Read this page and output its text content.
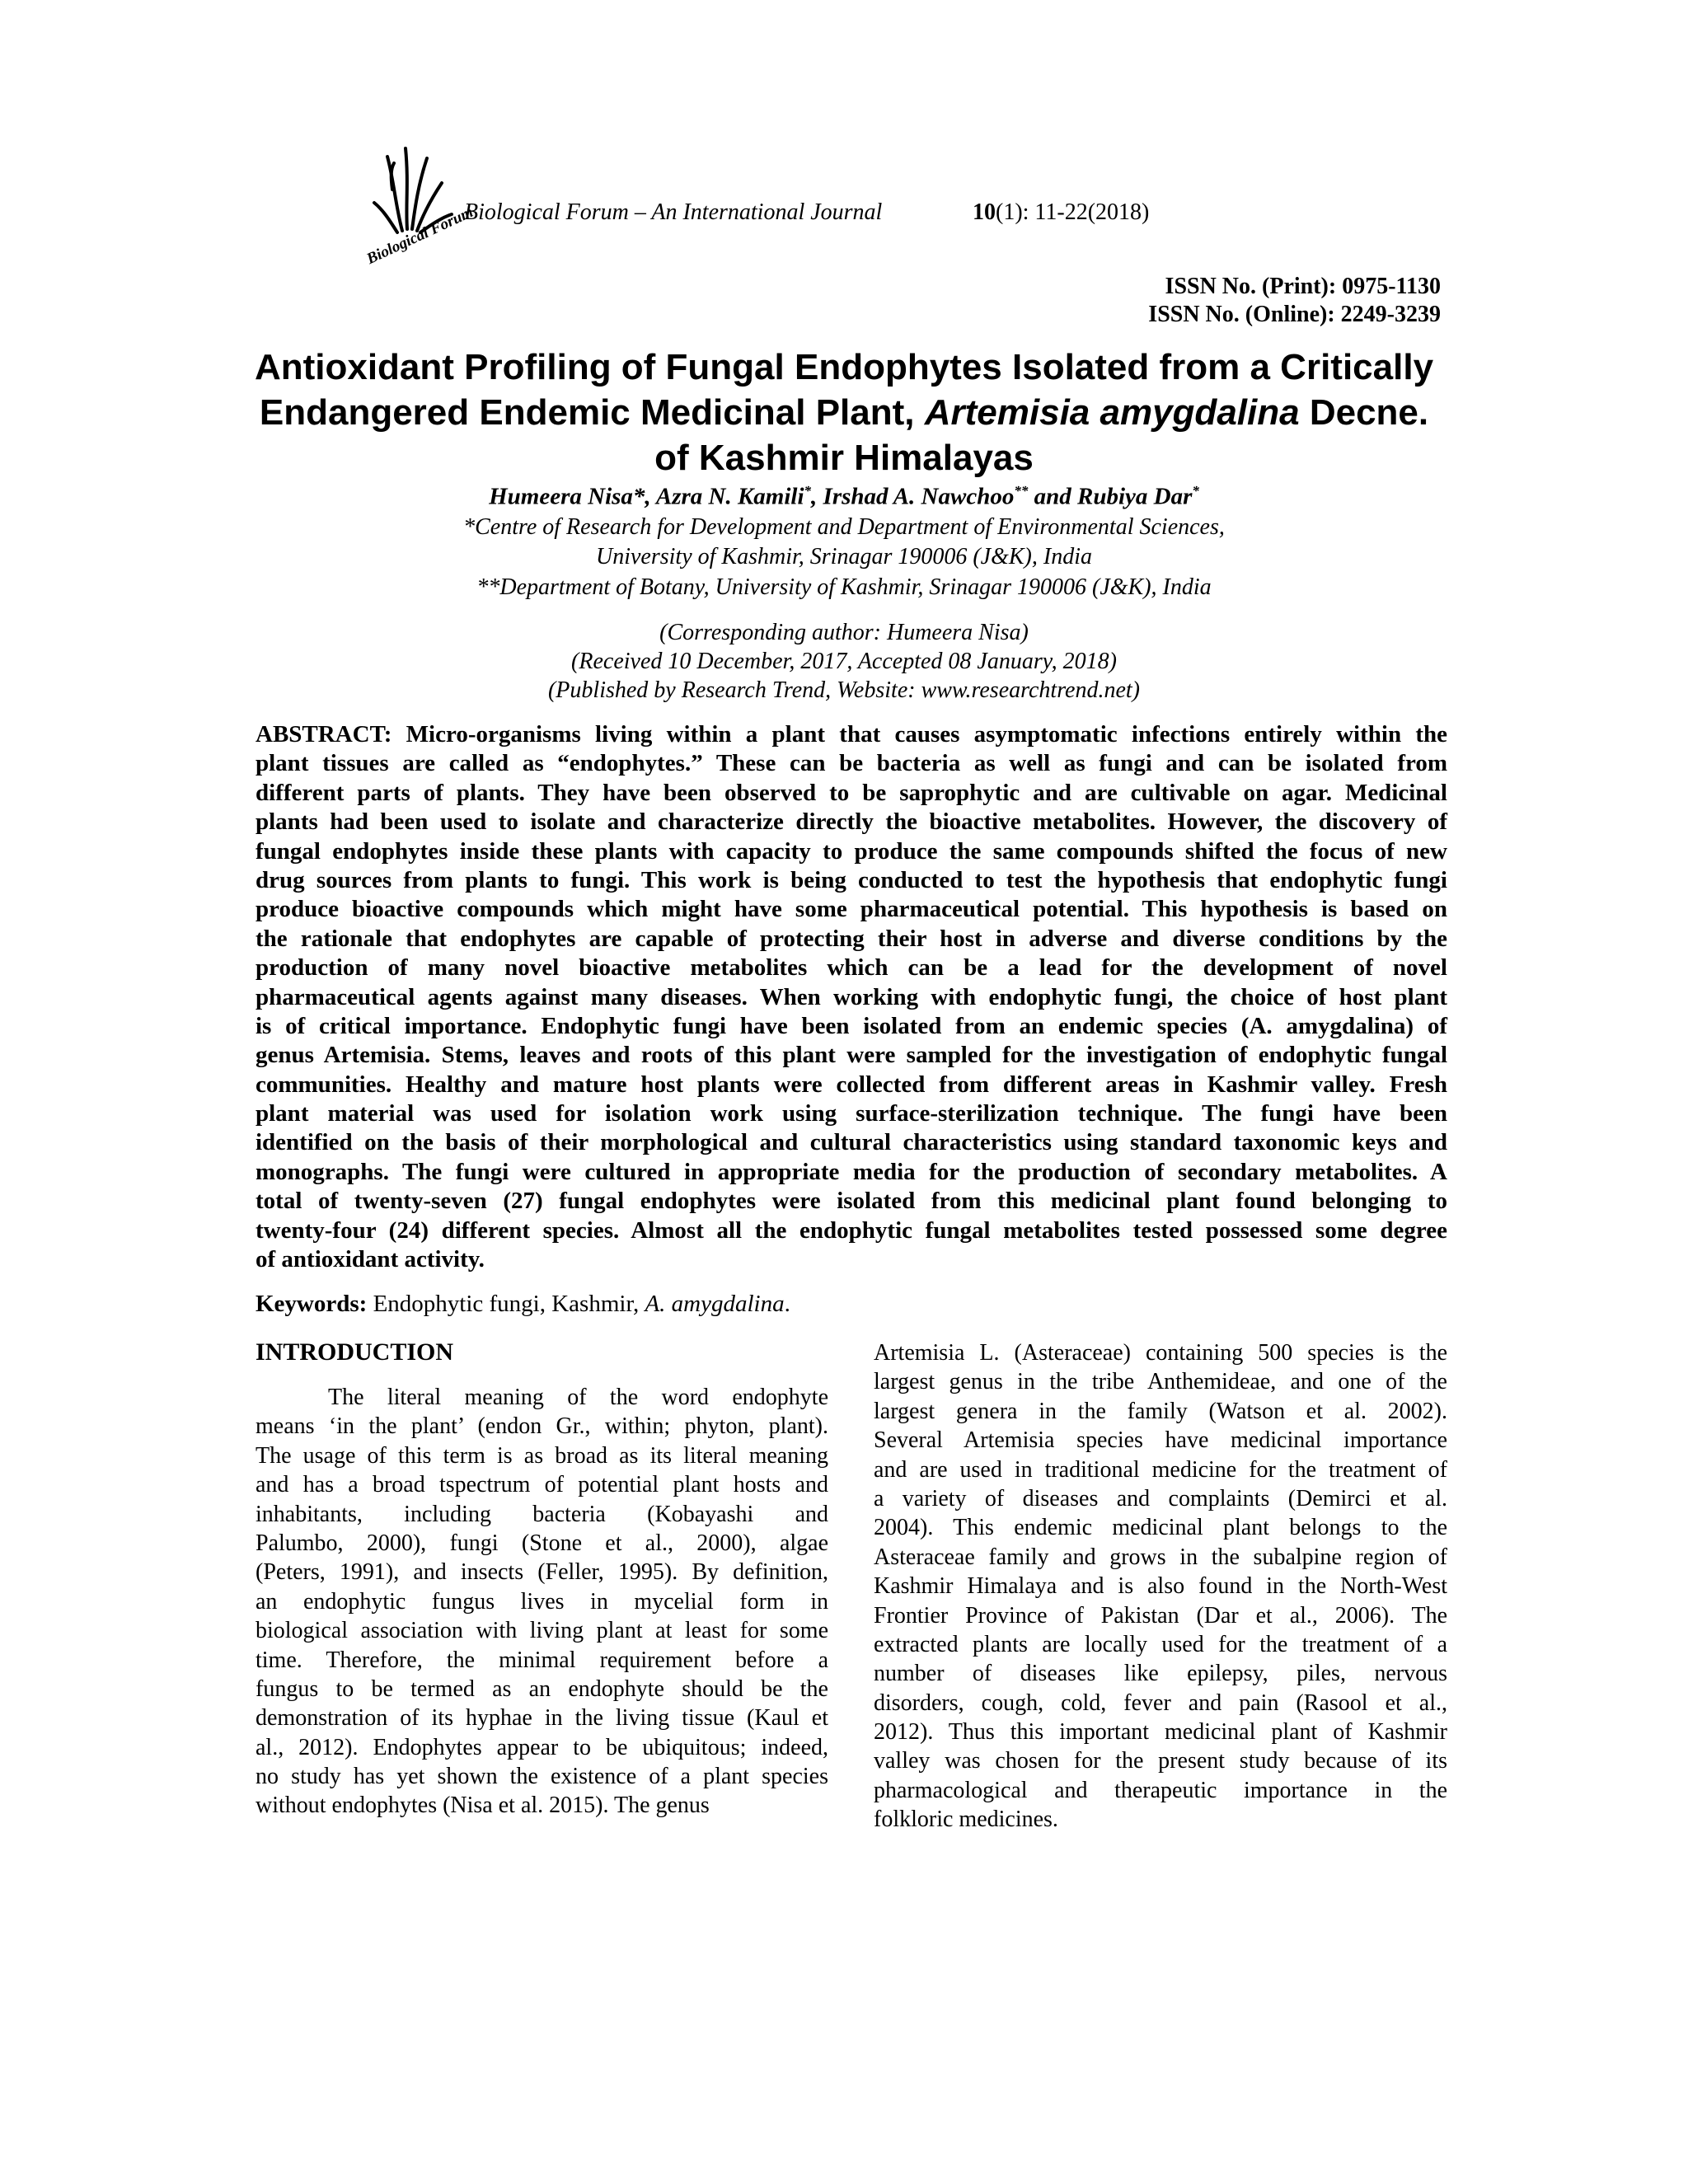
Biological Forum
Biological Forum – An International Journal	10(1): 11-22(2018)
ISSN No. (Print): 0975-1130
ISSN No. (Online): 2249-3239
Antioxidant Profiling of Fungal Endophytes Isolated from a Critically
Endangered Endemic Medicinal Plant, Artemisia amygdalina Decne.
of Kashmir Himalayas
Humeera Nisa*, Azra N. Kamili*, Irshad A. Nawchoo** and Rubiya Dar*
*Centre of Research for Development and Department of Environmental Sciences,
University of Kashmir, Srinagar 190006 (J&K), India
**Department of Botany, University of Kashmir, Srinagar 190006 (J&K), India
(Corresponding author: Humeera Nisa)
(Received 10 December, 2017, Accepted 08 January, 2018)
(Published by Research Trend, Website: www.researchtrend.net)
ABSTRACT: Micro-organisms living within a plant that causes asymptomatic infections entirely within the
plant tissues are called as “endophytes.” These can be bacteria as well as fungi and can be isolated from
different parts of plants. They have been observed to be saprophytic and are cultivable on agar. Medicinal
plants had been used to isolate and characterize directly the bioactive metabolites. However, the discovery of
fungal endophytes inside these plants with capacity to produce the same compounds shifted the focus of new
drug sources from plants to fungi. This work is being conducted to test the hypothesis that endophytic fungi
produce bioactive compounds which might have some pharmaceutical potential. This hypothesis is based on
the rationale that endophytes are capable of protecting their host in adverse and diverse conditions by the
production of many novel bioactive metabolites which can be a lead for the development of novel
pharmaceutical agents against many diseases. When working with endophytic fungi, the choice of host plant
is of critical importance. Endophytic fungi have been isolated from an endemic species (A. amygdalina) of
genus Artemisia. Stems, leaves and roots of this plant were sampled for the investigation of endophytic fungal
communities. Healthy and mature host plants were collected from different areas in Kashmir valley. Fresh
plant material was used for isolation work using surface-sterilization technique. The fungi have been
identified on the basis of their morphological and cultural characteristics using standard taxonomic keys and
monographs. The fungi were cultured in appropriate media for the production of secondary metabolites. A
total of twenty-seven (27) fungal endophytes were isolated from this medicinal plant found belonging to
twenty-four (24) different species. Almost all the endophytic fungal metabolites tested possessed some degree
of antioxidant activity.
Keywords: Endophytic fungi, Kashmir, A. amygdalina.
INTRODUCTION
The literal meaning of the word endophyte
means ‘in the plant’ (endon Gr., within; phyton, plant).
The usage of this term is as broad as its literal meaning
and has a broad tspectrum of potential plant hosts and
inhabitants, including bacteria (Kobayashi and
Palumbo, 2000), fungi (Stone et al., 2000), algae
(Peters, 1991), and insects (Feller, 1995). By definition,
an endophytic fungus lives in mycelial form in
biological association with living plant at least for some
time. Therefore, the minimal requirement before a
fungus to be termed as an endophyte should be the
demonstration of its hyphae in the living tissue (Kaul et
al., 2012). Endophytes appear to be ubiquitous; indeed,
no study has yet shown the existence of a plant species
without endophytes (Nisa et al. 2015). The genus
Artemisia L. (Asteraceae) containing 500 species is the
largest genus in the tribe Anthemideae, and one of the
largest genera in the family (Watson et al. 2002).
Several Artemisia species have medicinal importance
and are used in traditional medicine for the treatment of
a variety of diseases and complaints (Demirci et al.
2004). This endemic medicinal plant belongs to the
Asteraceae family and grows in the subalpine region of
Kashmir Himalaya and is also found in the North-West
Frontier Province of Pakistan (Dar et al., 2006). The
extracted plants are locally used for the treatment of a
number of diseases like epilepsy, piles, nervous
disorders, cough, cold, fever and pain (Rasool et al.,
2012). Thus this important medicinal plant of Kashmir
valley was chosen for the present study because of its
pharmacological and therapeutic importance in the
folkloric medicines.
